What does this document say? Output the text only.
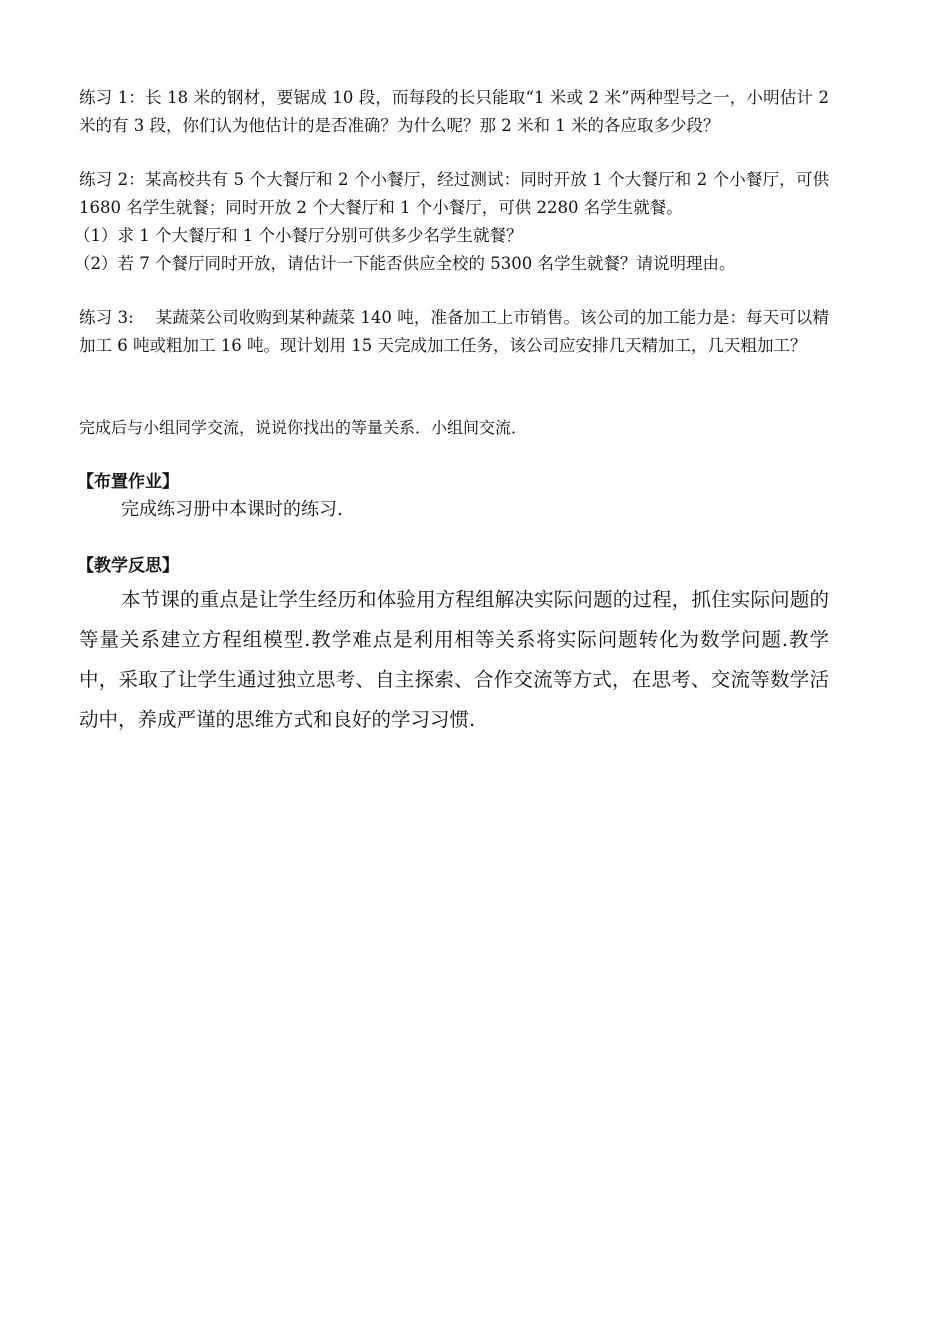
练习 1：长 18 米的钢材，要锯成 10 段，而每段的长只能取“1 米或 2 米”两种型号之一，小明估计 2 米的有 3 段，你们认为他估计的是否准确？为什么呢？那 2 米和 1 米的各应取多少段？

练习 2：某高校共有 5 个大餐厅和 2 个小餐厅，经过测试：同时开放 1 个大餐厅和 2 个小餐厅，可供 1680 名学生就餐；同时开放 2 个大餐厅和 1 个小餐厅，可供 2280 名学生就餐。

（1）求 1 个大餐厅和 1 个小餐厅分别可供多少名学生就餐？

（2）若 7 个餐厅同时开放，请估计一下能否供应全校的 5300 名学生就餐？请说明理由。

练习 3:　 某蔬菜公司收购到某种蔬菜 140 吨，准备加工上市销售。该公司的加工能力是：每天可以精加工 6 吨或粗加工 16 吨。现计划用 15 天完成加工任务，该公司应安排几天精加工，几天粗加工？

完成后与小组同学交流，说说你找出的等量关系．小组间交流．

【布置作业】

完成练习册中本课时的练习.

【教学反思】

本节课的重点是让学生经历和体验用方程组解决实际问题的过程，抓住实际问题的等量关系建立方程组模型.教学难点是利用相等关系将实际问题转化为数学问题.教学中，采取了让学生通过独立思考、自主探索、合作交流等方式，在思考、交流等数学活动中，养成严谨的思维方式和良好的学习习惯.
